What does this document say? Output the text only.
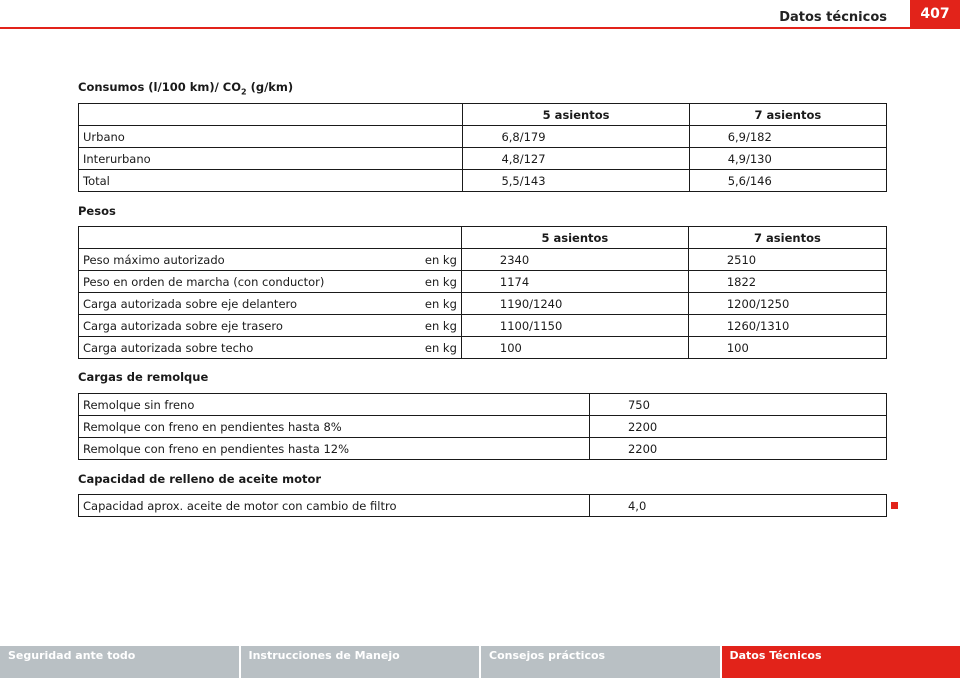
Datos técnicos	407
Consumos (l/100 km)/ $CO_2$ (g/km)
	5 asientos	7 asientos
Urbano	6,8/179	6,9/182
Interurbano	4,8/127	4,9/130
Total	5,5/143	5,6/146
Pesos
	5 asientos	7 asientos
Peso máximo autorizado en kg	2340	2510
Peso en orden de marcha (con conductor) en kg	1174	1822
Carga autorizada sobre eje delantero en kg	1190/1240	1200/1250
Carga autorizada sobre eje trasero en kg	1100/1150	1260/1310
Carga autorizada sobre techo en kg	100	100
Cargas de remolque
Remolque sin freno	750
Remolque con freno en pendientes hasta 8%	2200
Remolque con freno en pendientes hasta 12%	2200
Capacidad de relleno de aceite motor
Capacidad aprox. aceite de motor con cambio de filtro	4,0
Seguridad ante todo	Instrucciones de Manejo	Consejos prácticos	Datos Técnicos
